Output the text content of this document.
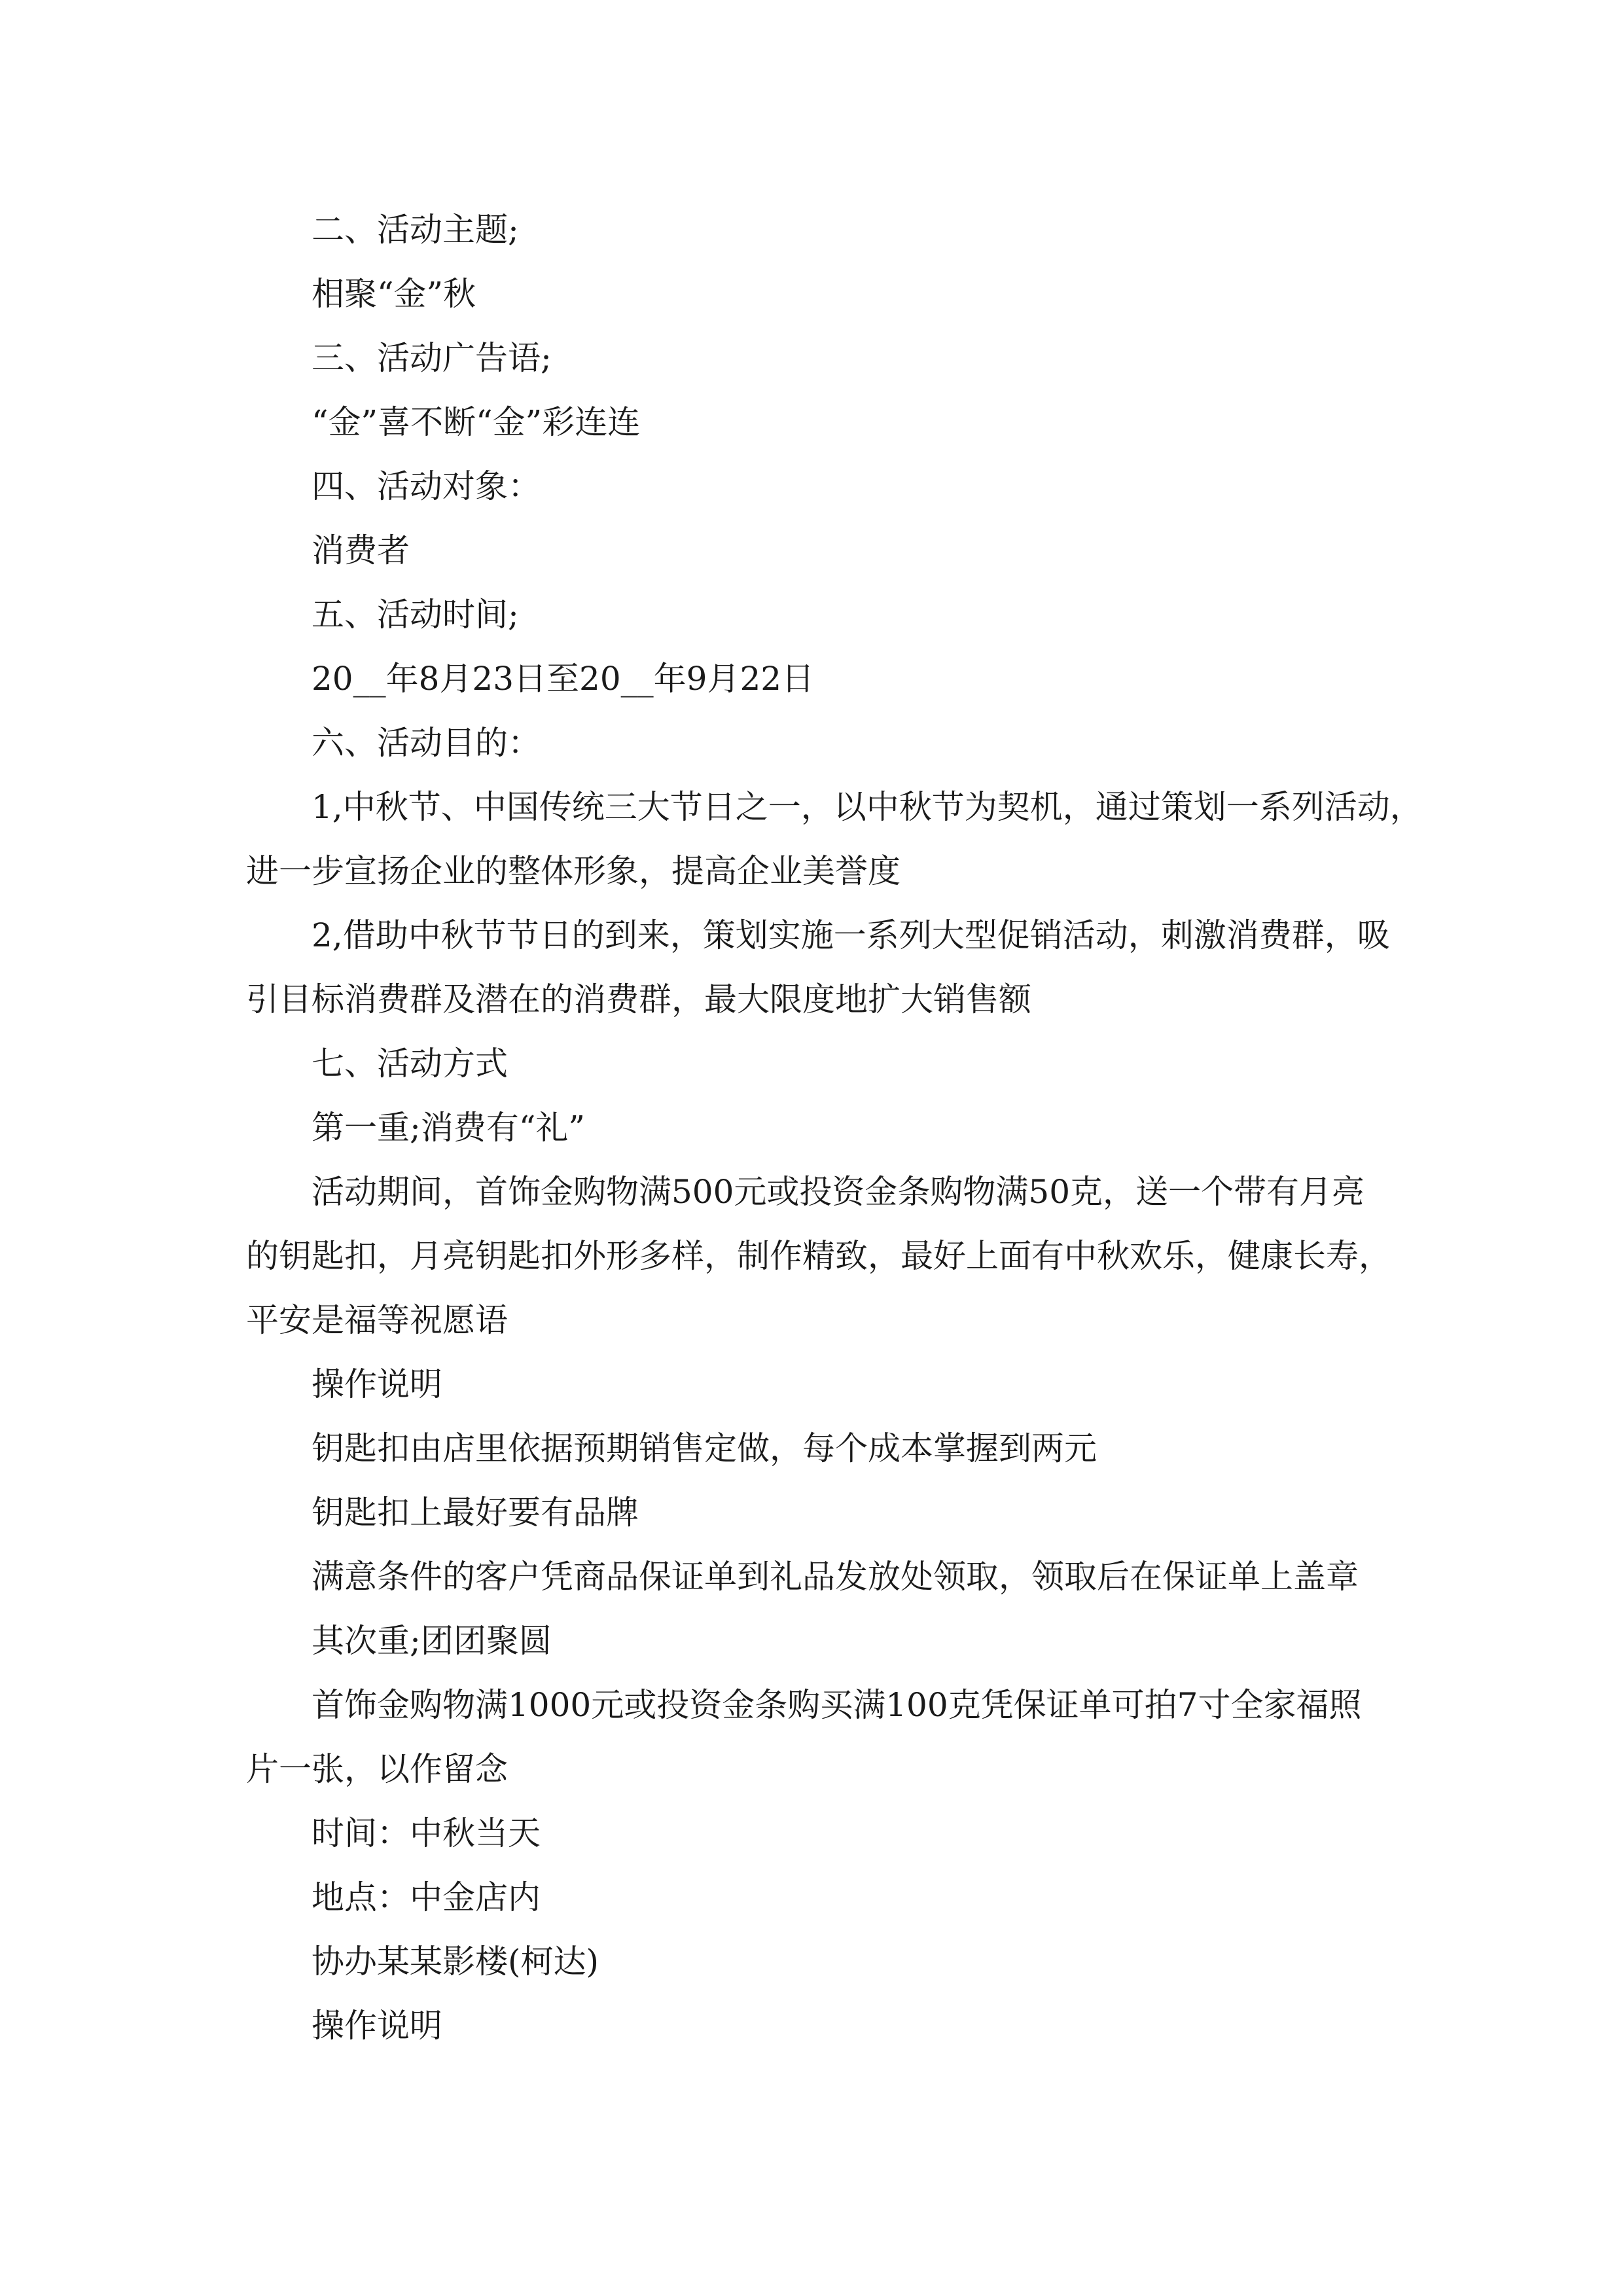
二、活动主题;

相聚“金”秋

三、活动广告语;

“金”喜不断“金”彩连连

四、活动对象：

消费者

五、活动时间;

20__年8月23日至20__年9月22日

六、活动目的：

1,中秋节、中国传统三大节日之一，以中秋节为契机，通过策划一系列活动，

进一步宣扬企业的整体形象，提高企业美誉度

2,借助中秋节节日的到来，策划实施一系列大型促销活动，刺激消费群，吸

引目标消费群及潜在的消费群，最大限度地扩大销售额

七、活动方式

第一重;消费有“礼”

活动期间，首饰金购物满500元或投资金条购物满50克，送一个带有月亮

的钥匙扣，月亮钥匙扣外形多样，制作精致，最好上面有中秋欢乐，健康长寿，

平安是福等祝愿语

操作说明

钥匙扣由店里依据预期销售定做，每个成本掌握到两元

钥匙扣上最好要有品牌

满意条件的客户凭商品保证单到礼品发放处领取，领取后在保证单上盖章

其次重;团团聚圆

首饰金购物满1000元或投资金条购买满100克凭保证单可拍7寸全家福照

片一张，以作留念

时间：中秋当天

地点：中金店内

协办某某影楼(柯达)

操作说明
